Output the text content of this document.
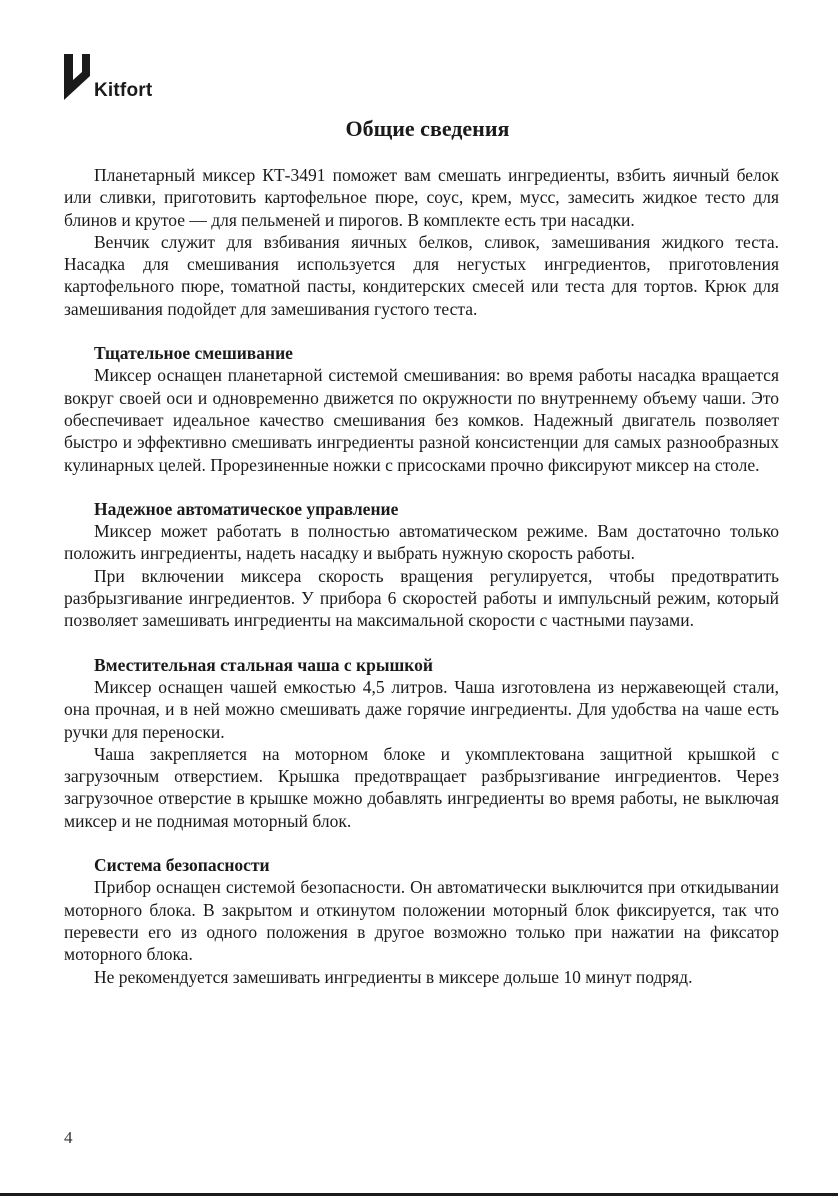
Kitfort
Общие сведения

Планетарный миксер КТ-3491 поможет вам смешать ингредиенты, взбить яичный белок или сливки, приготовить картофельное пюре, соус, крем, мусс, замесить жидкое тесто для блинов и крутое — для пельменей и пирогов. В комплекте есть три насадки.

Венчик служит для взбивания яичных белков, сливок, замешивания жидкого теста. Насадка для смешивания используется для негустых ингредиентов, приготовления картофельного пюре, томатной пасты, кондитерских смесей или теста для тортов. Крюк для замешивания подойдет для замешивания густого теста.

Тщательное смешивание

Миксер оснащен планетарной системой смешивания: во время работы насадка вращается вокруг своей оси и одновременно движется по окружности по внутреннему объему чаши. Это обеспечивает идеальное качество смешивания без комков. Надежный двигатель позволяет быстро и эффективно смешивать ингредиенты разной консистенции для самых разнообразных кулинарных целей. Прорезиненные ножки с присосками прочно фиксируют миксер на столе.

Надежное автоматическое управление

Миксер может работать в полностью автоматическом режиме. Вам достаточно только положить ингредиенты, надеть насадку и выбрать нужную скорость работы.

При включении миксера скорость вращения регулируется, чтобы предотвратить разбрызгивание ингредиентов. У прибора 6 скоростей работы и импульсный режим, который позволяет замешивать ингредиенты на максимальной скорости с частными паузами.

Вместительная стальная чаша с крышкой

Миксер оснащен чашей емкостью 4,5 литров. Чаша изготовлена из нержавеющей стали, она прочная, и в ней можно смешивать даже горячие ингредиенты. Для удобства на чаше есть ручки для переноски.

Чаша закрепляется на моторном блоке и укомплектована защитной крышкой с загрузочным отверстием. Крышка предотвращает разбрызгивание ингредиентов. Через загрузочное отверстие в крышке можно добавлять ингредиенты во время работы, не выключая миксер и не поднимая моторный блок.

Система безопасности

Прибор оснащен системой безопасности. Он автоматически выключится при откидывании моторного блока. В закрытом и откинутом положении моторный блок фиксируется, так что перевести его из одного положения в другое возможно только при нажатии на фиксатор моторного блока.

Не рекомендуется замешивать ингредиенты в миксере дольше 10 минут подряд.

4
